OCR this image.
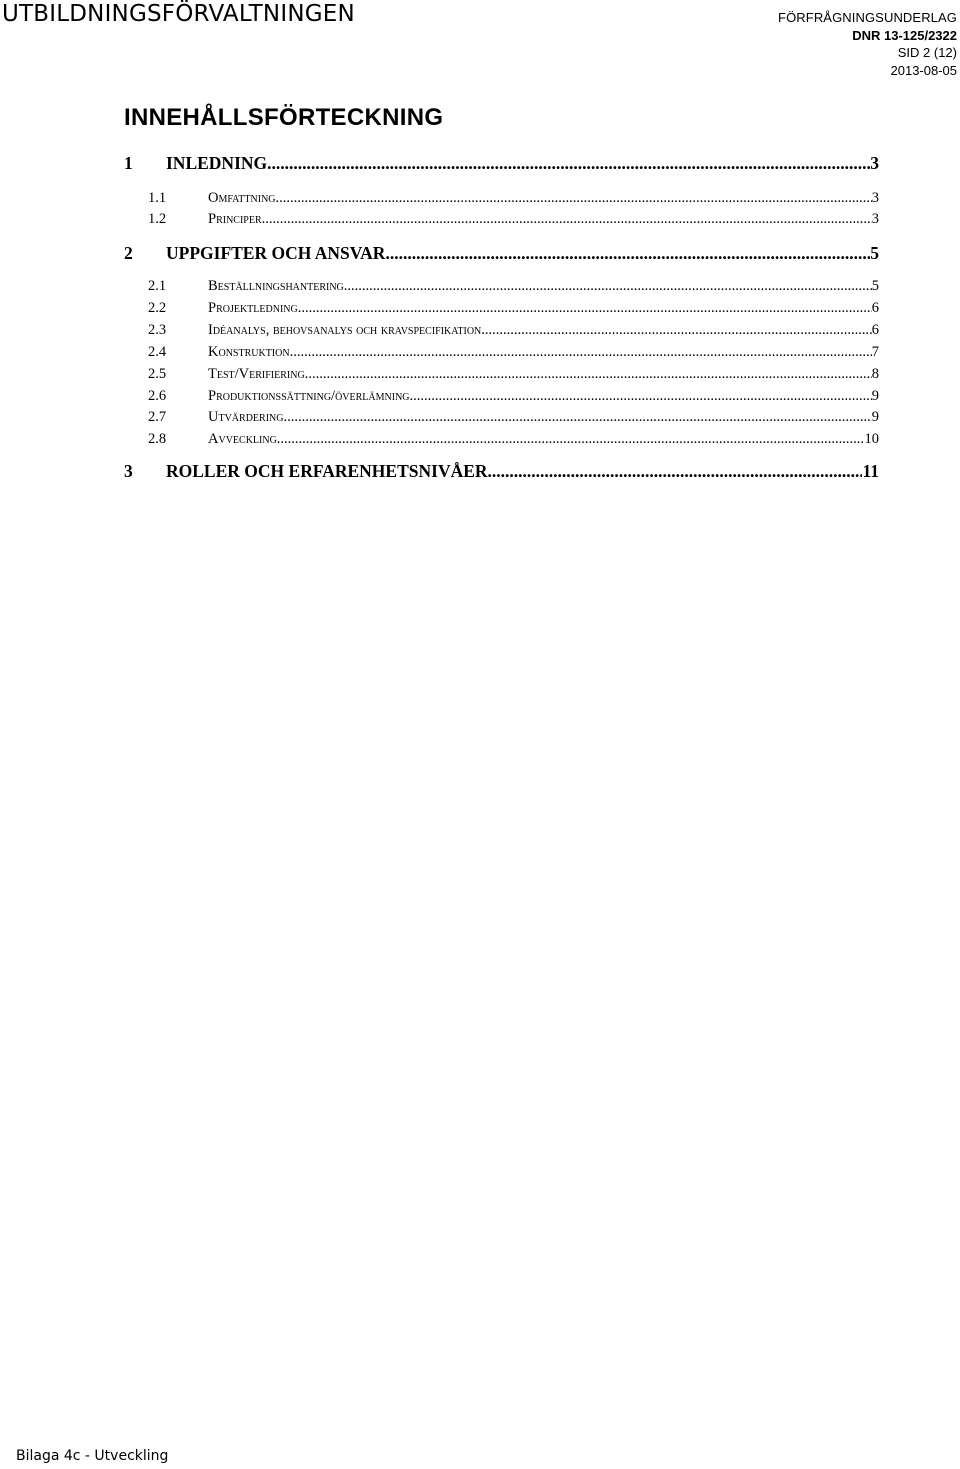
UTBILDNINGSFÖRVALTNINGEN	FÖRFRÅGNINGSUNDERLAG
DNR 13-125/2322
SID 2 (12)
2013-08-05
INNEHÅLLSFÖRTECKNING
1	INLEDNING .....	3
1.1	Omfattning .....	3
1.2	Principer .....	3
2	UPPGIFTER OCH ANSVAR .....	5
2.1	Beställningshantering .....	5
2.2	Projektledning .....	6
2.3	Idéanalys, behovsanalys och kravspecifikation .....	6
2.4	Konstruktion .....	7
2.5	Test/Verifiering .....	8
2.6	Produktionssättning/överlämning .....	9
2.7	Utvärdering .....	9
2.8	Avveckling .....	10
3	ROLLER OCH ERFARENHETSNIVÅER .....	11
Bilaga 4c - Utveckling
